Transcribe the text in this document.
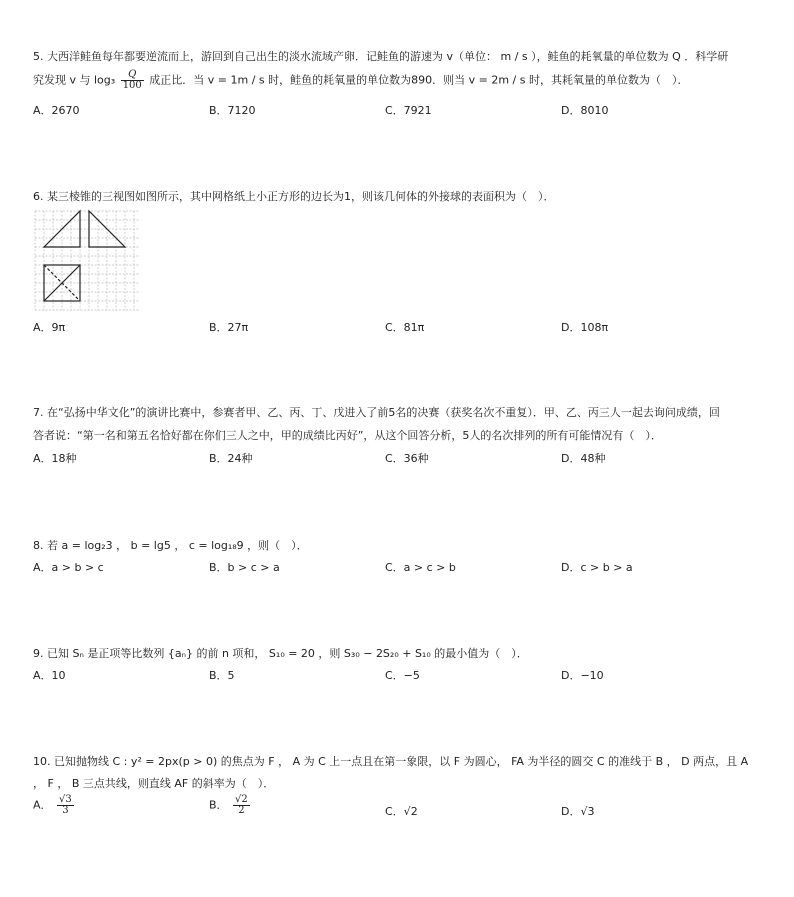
5. 大西洋鲑鱼每年都要逆流而上，游回到自己出生的淡水流域产卵．记鲑鱼的游速为 v（单位： m / s ），鲑鱼的耗氧量的单位数为 Q ．科学研
究发现 v 与 $\log_3 \frac{Q}{100}$ 成正比．当 v = 1m / s 时，鲑鱼的耗氧量的单位数为890．则当 v = 2m / s 时，其耗氧量的单位数为（　）．
A．2670	B．7120	C．7921	D．8010
6. 某三棱锥的三视图如图所示，其中网格纸上小正方形的边长为1，则该几何体的外接球的表面积为（　）．
A．9π	B．27π	C．81π	D．108π
7. 在“弘扬中华文化”的演讲比赛中，参赛者甲、乙、丙、丁、戊进入了前5名的决赛（获奖名次不重复）．甲、乙、丙三人一起去询问成绩，回
答者说：“第一名和第五名恰好都在你们三人之中，甲的成绩比丙好”，从这个回答分析，5人的名次排列的所有可能情况有（　）．
A．18种	B．24种	C．36种	D．48种
8. 若 a = log₂3 ， b = lg5 ， c = log₁₈9 ，则（　）．
A．a > b > c	B．b > c > a	C．a > c > b	D．c > b > a
9. 已知 Sₙ 是正项等比数列 {aₙ} 的前 n 项和， S₁₀ = 20 ，则 S₃₀ − 2S₂₀ + S₁₀ 的最小值为（　）．
A．10	B．5	C．−5	D．−10
10. 已知抛物线 C : y² = 2px(p > 0) 的焦点为 F ， A 为 C 上一点且在第一象限，以 F 为圆心， FA 为半径的圆交 C 的准线于 B ， D 两点，且 A
， F ， B 三点共线，则直线 AF 的斜率为（　）．
A． $\frac{√3}{3}$	B． $\frac{√2}{2}$	C．√2	D．√3
